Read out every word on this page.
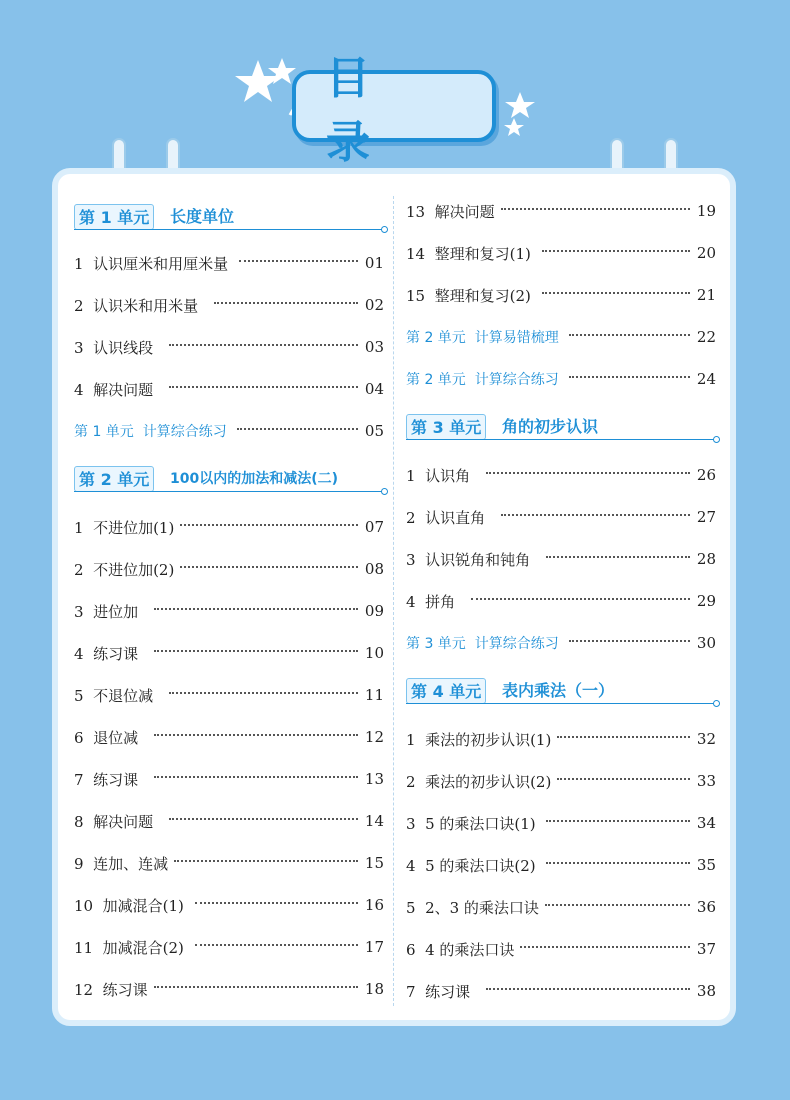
目 录
第 1 单元	长度单位
1  认识厘米和用厘米量	01
2  认识米和用米量	02
3  认识线段	03
4  解决问题	04
第 1 单元  计算综合练习	05
第 2 单元	100以内的加法和减法(二)
1  不进位加(1)	07
2  不进位加(2)	08
3  进位加	09
4  练习课	10
5  不退位减	11
6  退位减	12
7  练习课	13
8  解决问题	14
9  连加、连减	15
10  加减混合(1)	16
11  加减混合(2)	17
12  练习课	18
13  解决问题	19
14  整理和复习(1)	20
15  整理和复习(2)	21
第 2 单元  计算易错梳理	22
第 2 单元  计算综合练习	24
第 3 单元	角的初步认识
1  认识角	26
2  认识直角	27
3  认识锐角和钝角	28
4  拼角	29
第 3 单元  计算综合练习	30
第 4 单元	表内乘法（一）
1  乘法的初步认识(1)	32
2  乘法的初步认识(2)	33
3  5 的乘法口诀(1)	34
4  5 的乘法口诀(2)	35
5  2、3 的乘法口诀	36
6  4 的乘法口诀	37
7  练习课	38
